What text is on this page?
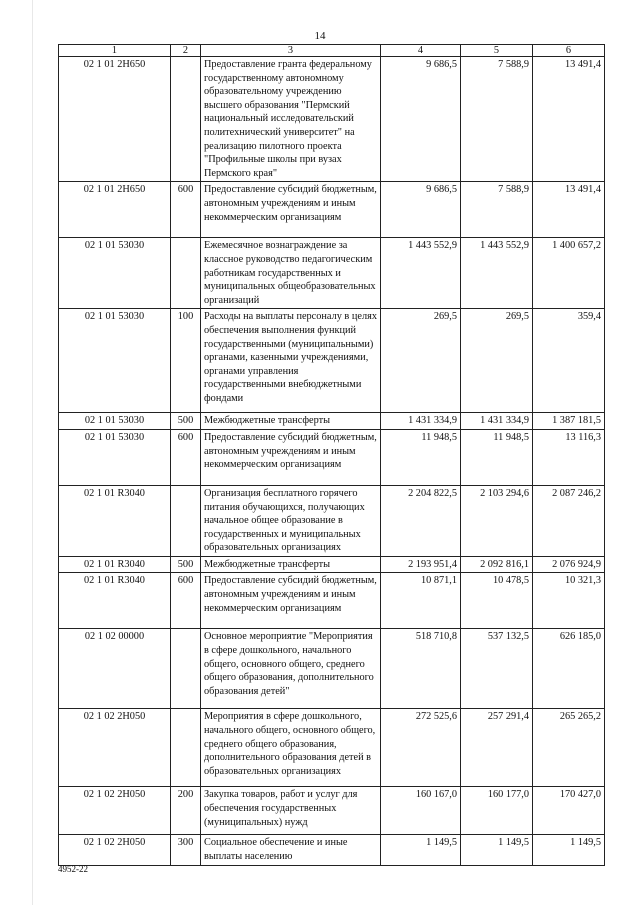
14
1	2	3	4	5	6
02 1 01 2Н650		Предоставление гранта федеральному государственному автономному образовательному учреждению высшего образования "Пермский национальный исследовательский политехнический университет" на реализацию пилотного проекта "Профильные школы при вузах Пермского края"	9 686,5	7 588,9	13 491,4
02 1 01 2Н650	600	Предоставление субсидий бюджетным, автономным учреждениям и иным некоммерческим организациям	9 686,5	7 588,9	13 491,4
02 1 01 53030		Ежемесячное вознаграждение за классное руководство педагогическим работникам государственных и муниципальных общеобразовательных организаций	1 443 552,9	1 443 552,9	1 400 657,2
02 1 01 53030	100	Расходы на выплаты персоналу в целях обеспечения выполнения функций государственными (муниципальными) органами, казенными учреждениями, органами управления государственными внебюджетными фондами	269,5	269,5	359,4
02 1 01 53030	500	Межбюджетные трансферты	1 431 334,9	1 431 334,9	1 387 181,5
02 1 01 53030	600	Предоставление субсидий бюджетным, автономным учреждениям и иным некоммерческим организациям	11 948,5	11 948,5	13 116,3
02 1 01 R3040		Организация бесплатного горячего питания обучающихся, получающих начальное общее образование в государственных и муниципальных образовательных организациях	2 204 822,5	2 103 294,6	2 087 246,2
02 1 01 R3040	500	Межбюджетные трансферты	2 193 951,4	2 092 816,1	2 076 924,9
02 1 01 R3040	600	Предоставление субсидий бюджетным, автономным учреждениям и иным некоммерческим организациям	10 871,1	10 478,5	10 321,3
02 1 02 00000		Основное мероприятие "Мероприятия в сфере дошкольного, начального общего, основного общего, среднего общего образования, дополнительного образования детей"	518 710,8	537 132,5	626 185,0
02 1 02 2Н050		Мероприятия в сфере дошкольного, начального общего, основного общего, среднего общего образования, дополнительного образования детей в образовательных организациях	272 525,6	257 291,4	265 265,2
02 1 02 2Н050	200	Закупка товаров, работ и услуг для обеспечения государственных (муниципальных) нужд	160 167,0	160 177,0	170 427,0
02 1 02 2Н050	300	Социальное обеспечение и иные выплаты населению	1 149,5	1 149,5	1 149,5
4952-22
